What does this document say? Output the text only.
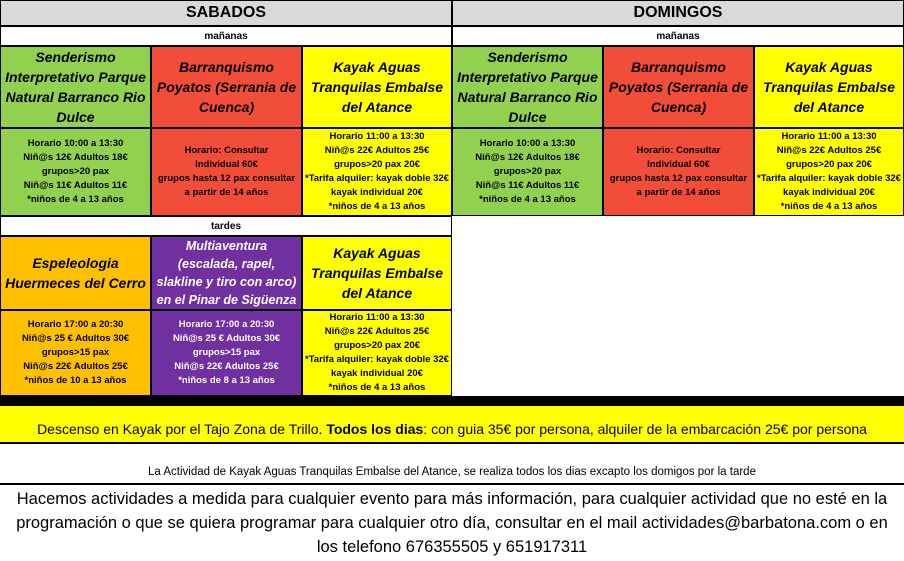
SABADOS	DOMINGOS
mañanas	mañanas
Senderismo
Interpretativo Parque
Natural Barranco Rio
Dulce
Barranquismo
Poyatos (Serrania de
Cuenca)
Kayak Aguas
Tranquilas Embalse
del Atance
Horario 10:00 a 13:30
Niñ@s 12€ Adultos 18€
grupos>20 pax
Niñ@s 11€ Adultos 11€
*niños de 4 a 13 años
Horario: Consultar
Individual 60€
grupos hasta 12 pax consultar
a partir de 14 años
Horario 11:00 a 13:30
Niñ@s 22€ Adultos 25€
grupos>20 pax 20€
*Tarifa alquiler: kayak doble 32€
kayak individual 20€
*niños de 4 a 13 años
Senderismo
Interpretativo Parque
Natural Barranco Rio
Dulce
Barranquismo
Poyatos (Serrania de
Cuenca)
Kayak Aguas
Tranquilas Embalse
del Atance
Horario 10:00 a 13:30
Niñ@s 12€ Adultos 18€
grupos>20 pax
Niñ@s 11€ Adultos 11€
*niños de 4 a 13 años
Horario: Consultar
Individual 60€
grupos hasta 12 pax consultar
a partir de 14 años
Horario 11:00 a 13:30
Niñ@s 22€ Adultos 25€
grupos>20 pax 20€
*Tarifa alquiler: kayak doble 32€
kayak individual 20€
*niños de 4 a 13 años
tardes
Espeleologia
Huermeces del Cerro
Multiaventura
(escalada, rapel,
slakline y tiro con arco)
en el Pinar de Sigüenza
Kayak Aguas
Tranquilas Embalse
del Atance
Horario 17:00 a 20:30
Niñ@s 25 € Adultos 30€
grupos>15 pax
Niñ@s 22€ Adultos 25€
*niños de 10 a 13 años
Horario 17:00 a 20:30
Niñ@s 25 € Adultos 30€
grupos>15 pax
Niñ@s 22€ Adultos 25€
*niños de 8 a 13 años
Horario 11:00 a 13:30
Niñ@s 22€ Adultos 25€
grupos>20 pax 20€
*Tarifa alquiler: kayak doble 32€
kayak individual 20€
*niños de 4 a 13 años
Descenso en Kayak por el Tajo Zona de Trillo. Todos los dias: con guia 35€ por persona, alquiler de la embarcación 25€ por persona
La Actividad de Kayak Aguas Tranquilas Embalse del Atance, se realiza todos los dias excapto los domigos por la tarde
Hacemos actividades a medida para cualquier evento para más información, para cualquier actividad que no esté en la
programación o que se quiera programar para cualquier otro día, consultar en el mail actividades@barbatona.com o en
los telefono 676355505 y 651917311
